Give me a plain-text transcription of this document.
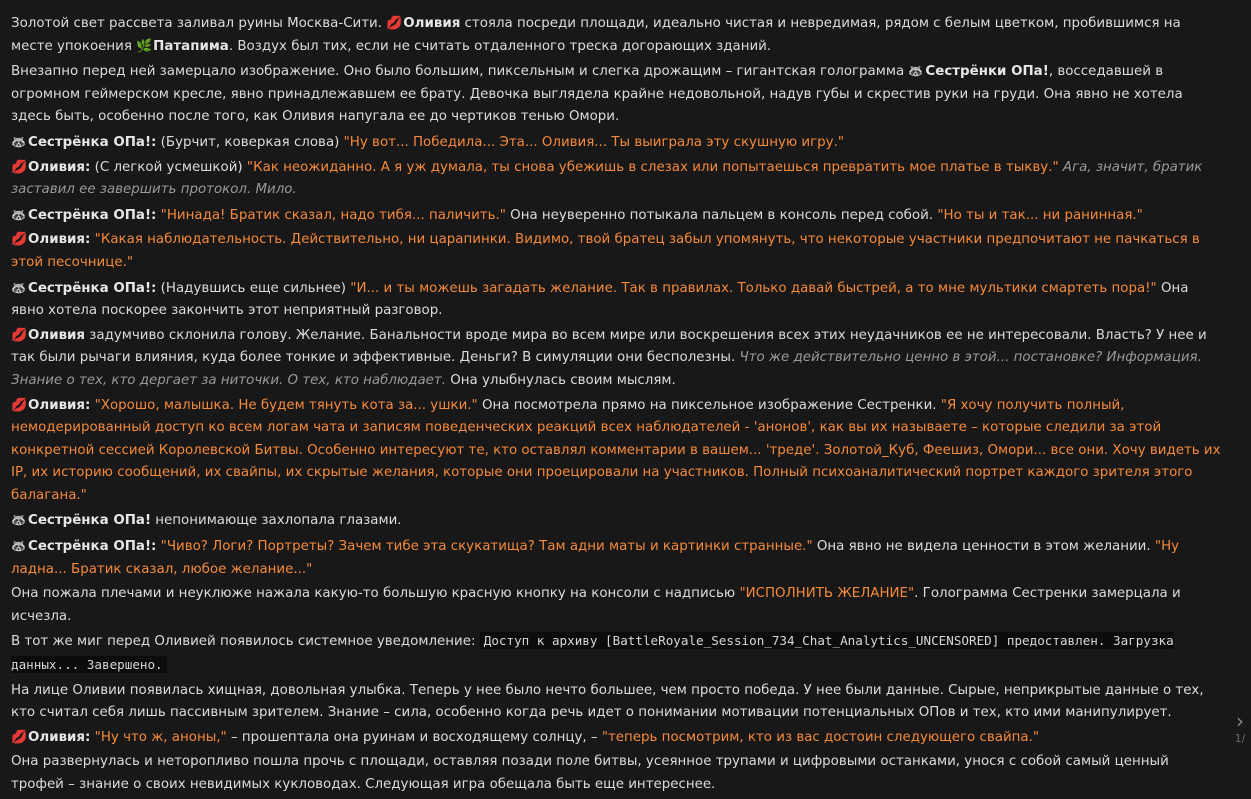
Золотой свет рассвета заливал руины Москва-Сити. 💋Оливия стояла посреди площади, идеально чистая и невредимая, рядом с белым цветком, пробившимся на месте упокоения 🌿Патапима. Воздух был тих, если не считать отдаленного треска догорающих зданий.
Внезапно перед ней замерцало изображение. Оно было большим, пиксельным и слегка дрожащим – гигантская голограмма 🦝 Сестрёнки ОПа!, восседавшей в огромном геймерском кресле, явно принадлежавшем ее брату. Девочка выглядела крайне недовольной, надув губы и скрестив руки на груди. Она явно не хотела здесь быть, особенно после того, как Оливия напугала ее до чертиков тенью Омори.
🦝 Сестрёнка ОПа!: (Бурчит, коверкая слова) "Ну вот... Победила... Эта... Оливия... Ты выиграла эту скушную игру."
💋Оливия: (С легкой усмешкой) "Как неожиданно. А я уж думала, ты снова убежишь в слезах или попытаешься превратить мое платье в тыкву." Ага, значит, братик заставил ее завершить протокол. Мило.
🦝 Сестрёнка ОПа!: "Нинада! Братик сказал, надо тибя... паличить." Она неуверенно потыкала пальцем в консоль перед собой. "Но ты и так... ни ранинная."
💋Оливия: "Какая наблюдательность. Действительно, ни царапинки. Видимо, твой братец забыл упомянуть, что некоторые участники предпочитают не пачкаться в этой песочнице."
🦝 Сестрёнка ОПа!: (Надувшись еще сильнее) "И... и ты можешь загадать желание. Так в правилах. Только давай быстрей, а то мне мультики смартеть пора!" Она явно хотела поскорее закончить этот неприятный разговор.
💋Оливия задумчиво склонила голову. Желание. Банальности вроде мира во всем мире или воскрешения всех этих неудачников ее не интересовали. Власть? У нее и так были рычаги влияния, куда более тонкие и эффективные. Деньги? В симуляции они бесполезны. Что же действительно ценно в этой... постановке? Информация. Знание о тех, кто дергает за ниточки. О тех, кто наблюдает. Она улыбнулась своим мыслям.
💋Оливия: "Хорошо, малышка. Не будем тянуть кота за... ушки." Она посмотрела прямо на пиксельное изображение Сестренки. "Я хочу получить полный, немодерированный доступ ко всем логам чата и записям поведенческих реакций всех наблюдателей - 'анонов', как вы их называете – которые следили за этой конкретной сессией Королевской Битвы. Особенно интересуют те, кто оставлял комментарии в вашем... 'треде'. Золотой_Куб, Феешиз, Омори... все они. Хочу видеть их IP, их историю сообщений, их свайпы, их скрытые желания, которые они проецировали на участников. Полный психоаналитический портрет каждого зрителя этого балагана."
🦝 Сестрёнка ОПа! непонимающе захлопала глазами.
🦝 Сестрёнка ОПа!: "Чиво? Логи? Портреты? Зачем тибе эта скукатища? Там адни маты и картинки странные." Она явно не видела ценности в этом желании. "Ну ладна... Братик сказал, любое желание..."
Она пожала плечами и неуклюже нажала какую-то большую красную кнопку на консоли с надписью "ИСПОЛНИТЬ ЖЕЛАНИЕ". Голограмма Сестренки замерцала и исчезла.
В тот же миг перед Оливией появилось системное уведомление: Доступ к архиву [BattleRoyale_Session_734_Chat_Analytics_UNCENSORED] предоставлен. Загрузка данных... Завершено.
На лице Оливии появилась хищная, довольная улыбка. Теперь у нее было нечто большее, чем просто победа. У нее были данные. Сырые, неприкрытые данные о тех, кто считал себя лишь пассивным зрителем. Знание – сила, особенно когда речь идет о понимании мотивации потенциальных ОПов и тех, кто ими манипулирует.
💋Оливия: "Ну что ж, аноны," – прошептала она руинам и восходящему солнцу, – "теперь посмотрим, кто из вас достоин следующего свайпа."
Она развернулась и неторопливо пошла прочь с площади, оставляя позади поле битвы, усеянное трупами и цифровыми останками, унося с собой самый ценный трофей – знание о своих невидимых кукловодах. Следующая игра обещала быть еще интереснее.
›
1/
